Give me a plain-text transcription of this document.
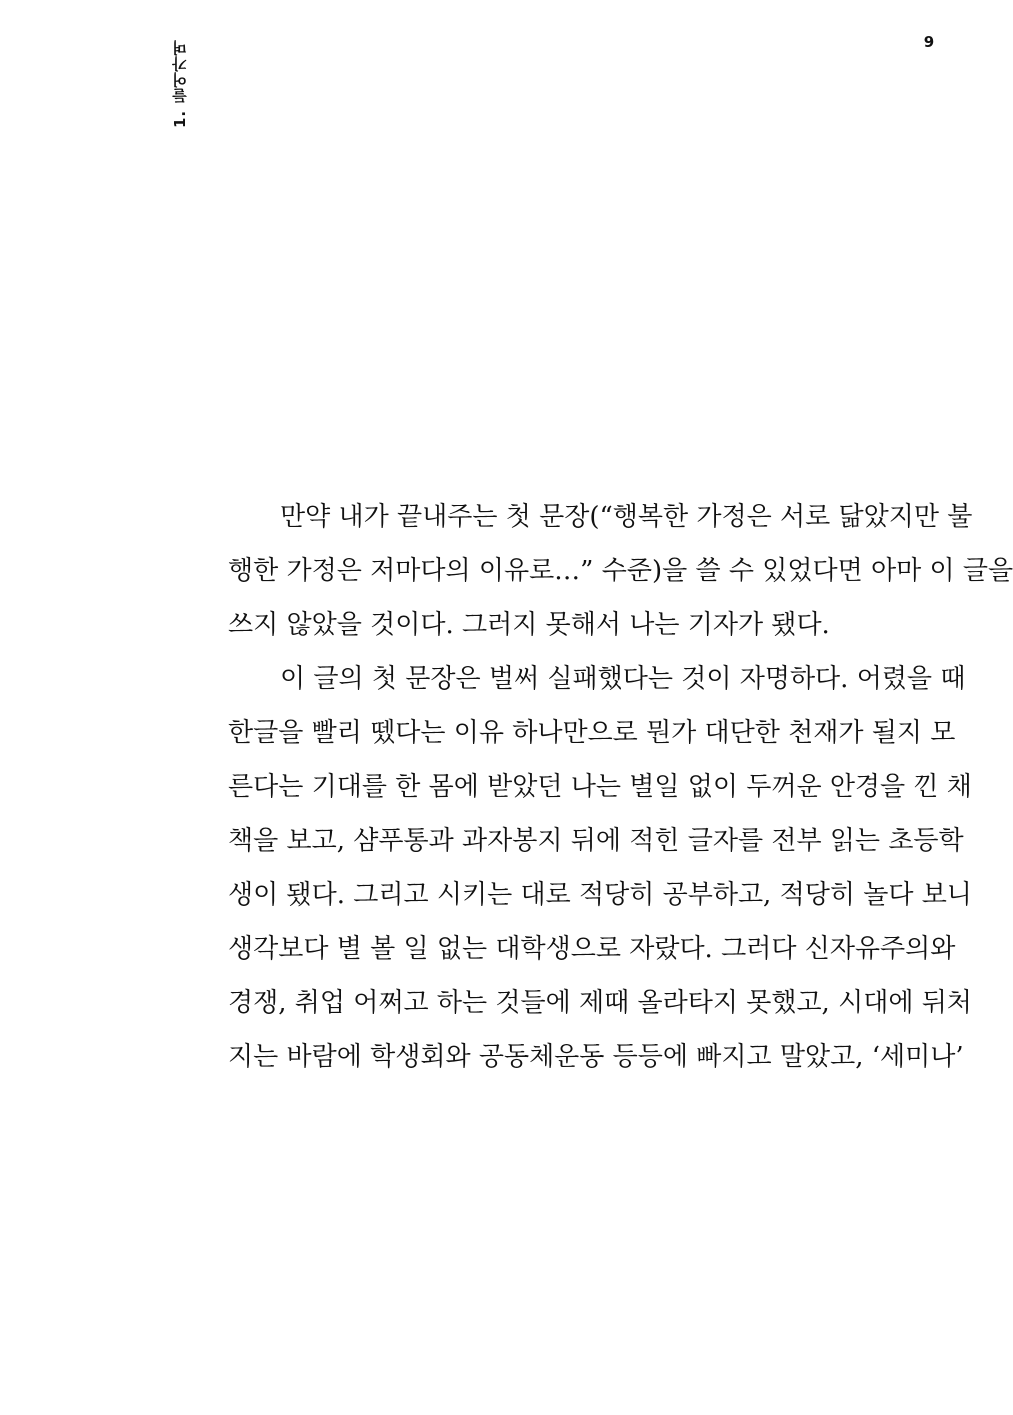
1. 들어가며	9

만약 내가 끝내주는 첫 문장(“행복한 가정은 서로 닮았지만 불
행한 가정은 저마다의 이유로…” 수준)을 쓸 수 있었다면 아마 이 글을
쓰지 않았을 것이다. 그러지 못해서 나는 기자가 됐다.

이 글의 첫 문장은 벌써 실패했다는 것이 자명하다. 어렸을 때
한글을 빨리 뗐다는 이유 하나만으로 뭔가 대단한 천재가 될지 모
른다는 기대를 한 몸에 받았던 나는 별일 없이 두꺼운 안경을 낀 채
책을 보고, 샴푸통과 과자봉지 뒤에 적힌 글자를 전부 읽는 초등학
생이 됐다. 그리고 시키는 대로 적당히 공부하고, 적당히 놀다 보니
생각보다 별 볼 일 없는 대학생으로 자랐다. 그러다 신자유주의와
경쟁, 취업 어쩌고 하는 것들에 제때 올라타지 못했고, 시대에 뒤처
지는 바람에 학생회와 공동체운동 등등에 빠지고 말았고, ‘세미나’
